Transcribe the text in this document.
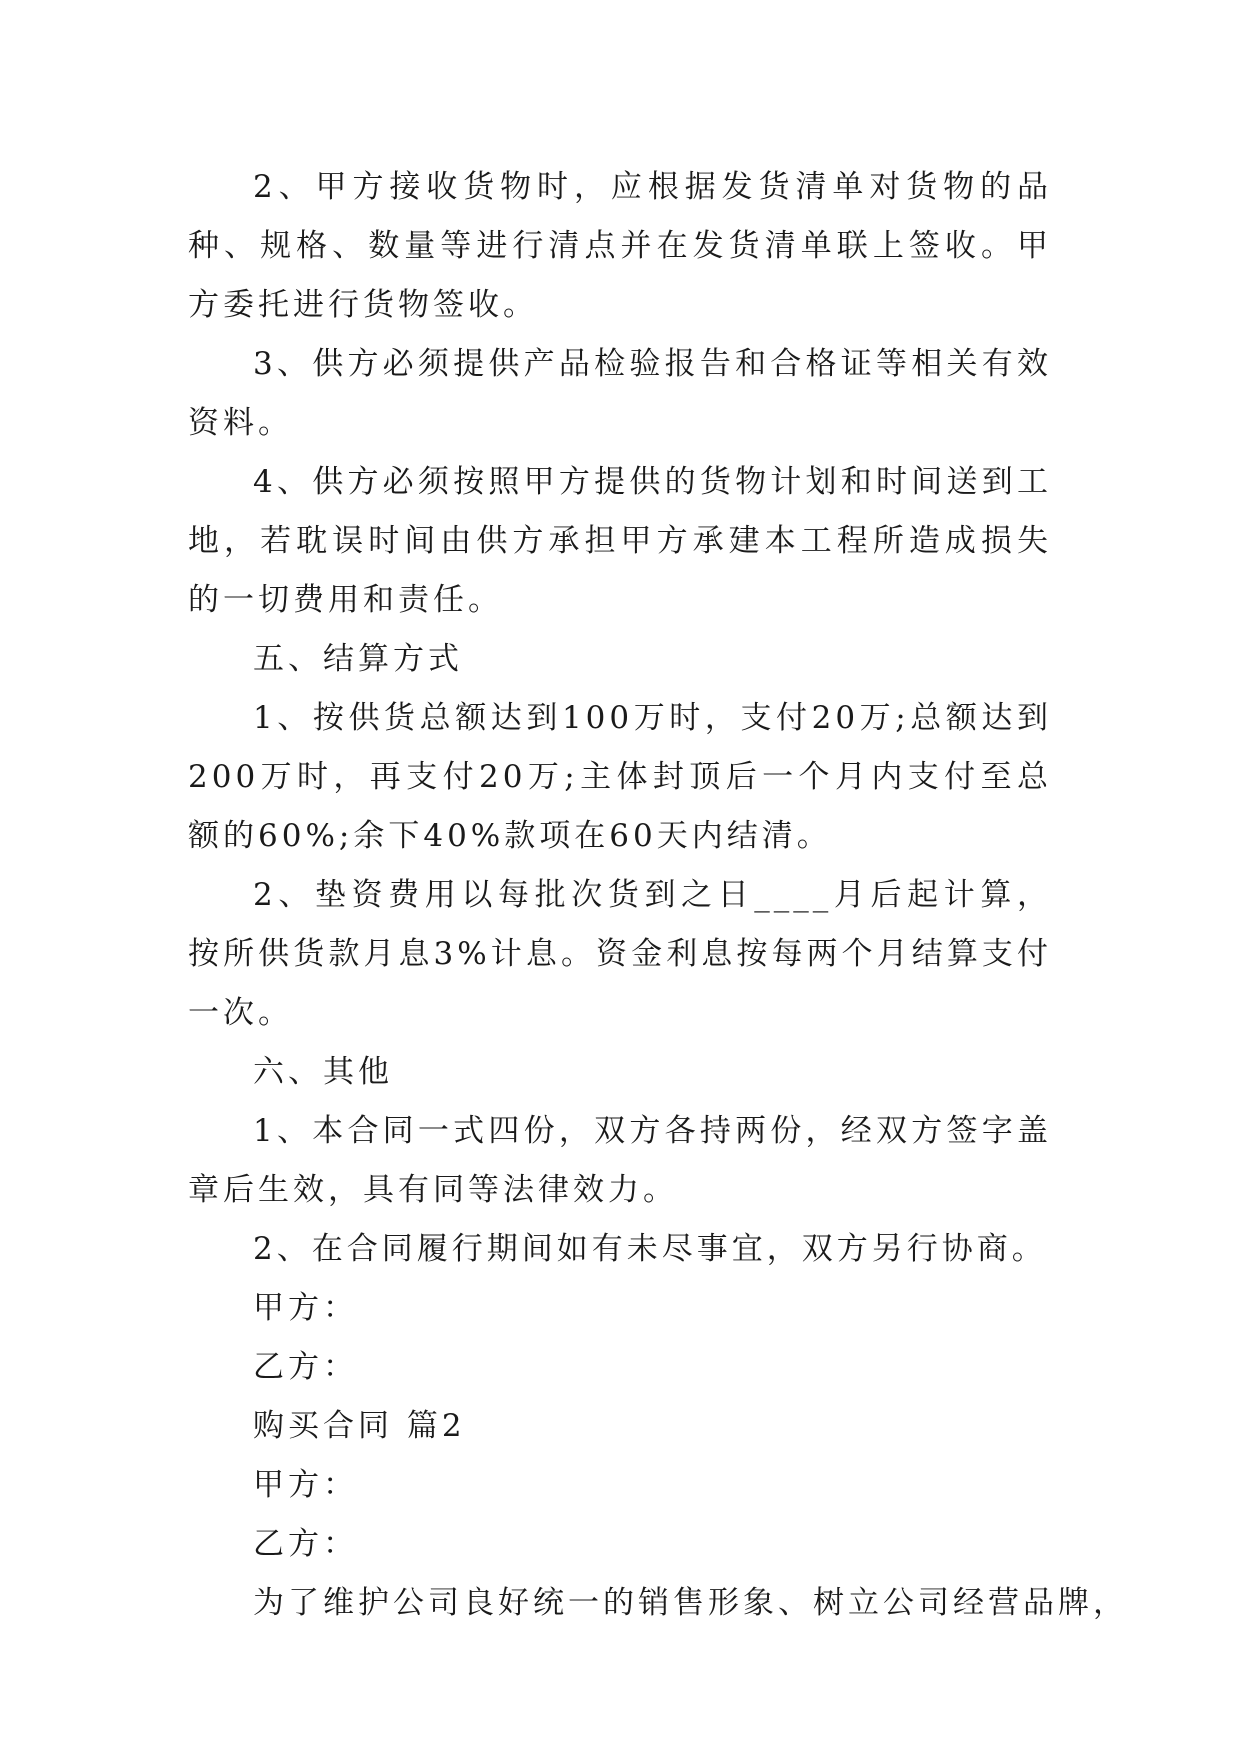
2、甲方接收货物时，应根据发货清单对货物的品种、规格、数量等进行清点并在发货清单联上签收。甲方委托进行货物签收。

3、供方必须提供产品检验报告和合格证等相关有效资料。

4、供方必须按照甲方提供的货物计划和时间送到工地，若耽误时间由供方承担甲方承建本工程所造成损失的一切费用和责任。

五、结算方式

1、按供货总额达到100万时，支付20万;总额达到200万时，再支付20万;主体封顶后一个月内支付至总额的60%;余下40%款项在60天内结清。

2、垫资费用以每批次货到之日____月后起计算，按所供货款月息3%计息。资金利息按每两个月结算支付一次。

六、其他

1、本合同一式四份，双方各持两份，经双方签字盖章后生效，具有同等法律效力。

2、在合同履行期间如有未尽事宜，双方另行协商。

甲方：

乙方：

购买合同 篇2

甲方：

乙方：

为了维护公司良好统一的销售形象、树立公司经营品牌，
